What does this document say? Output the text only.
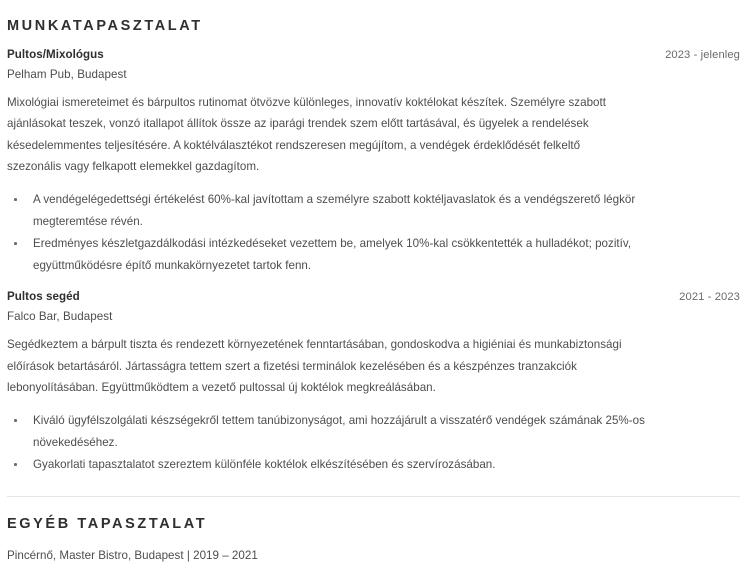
MUNKATAPASZTALAT
Pultos/Mixológus	2023 - jelenleg
Pelham Pub, Budapest

Mixológiai ismereteimet és bárpultos rutinomat ötvözve különleges, innovatív koktélokat készítek. Személyre szabott ajánlásokat teszek, vonzó itallapot állítok össze az iparági trendek szem előtt tartásával, és ügyelek a rendelések késedelemmentes teljesítésére. A koktélválasztékot rendszeresen megújítom, a vendégek érdeklődését felkeltő szezonális vagy felkapott elemekkel gazdagítom.

A vendégelégedettségi értékelést 60%-kal javítottam a személyre szabott koktéljavaslatok és a vendégszerető légkör megteremtése révén.
Eredményes készletgazdálkodási intézkedéseket vezettem be, amelyek 10%-kal csökkentették a hulladékot; pozitív, együttműködésre építő munkakörnyezetet tartok fenn.
Pultos segéd	2021 - 2023
Falco Bar, Budapest

Segédkeztem a bárpult tiszta és rendezett környezetének fenntartásában, gondoskodva a higiéniai és munkabiztonsági előírások betartásáról. Jártasságra tettem szert a fizetési terminálok kezelésében és a készpénzes tranzakciók lebonyolításában. Együttműködtem a vezető pultossal új koktélok megkreálásában.

Kiváló ügyfélszolgálati készségekről tettem tanúbizonyságot, ami hozzájárult a visszatérő vendégek számának 25%-os növekedéséhez.
Gyakorlati tapasztalatot szereztem különféle koktélok elkészítésében és szervírozásában.
EGYÉB TAPASZTALAT
Pincérnő, Master Bistro, Budapest | 2019 – 2021
